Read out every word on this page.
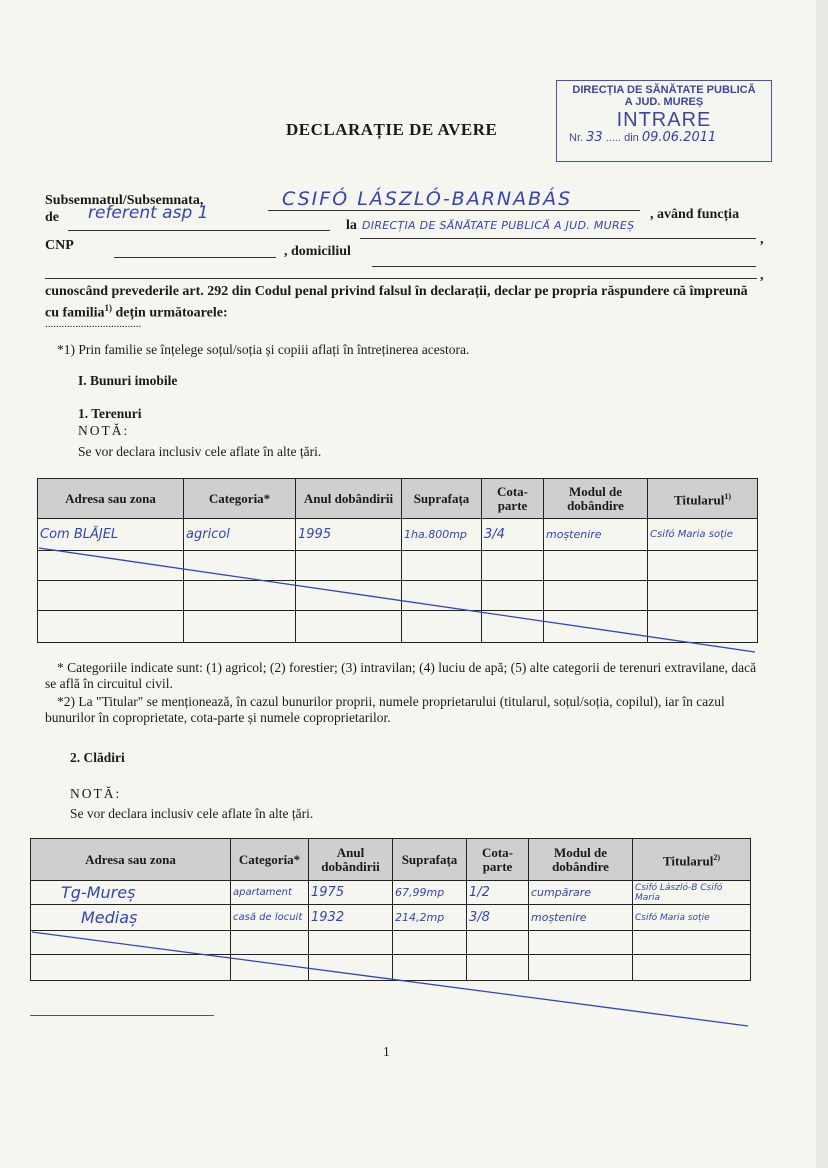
DIRECȚIA DE SĂNĂTATE PUBLICĂ
A JUD. MUREȘ
INTRARE
Nr. 33 ..... din 09.06.2011
DECLARAȚIE DE AVERE
Subsemnatul/Subsemnata,	CSIFÓ LÁSZLÓ-BARNABÁS
, având funcția
de referent asp 1
la DIRECȚIA DE SĂNĂTATE PUBLICĂ A JUD. MUREȘ
,
CNP	, domiciliul
,
cunoscând prevederile art. 292 din Codul penal privind falsul în declarații, declar pe propria răspundere că împreună cu familia$^{1)}$ dețin următoarele:
...................................
*1) Prin familie se înțelege soțul/soția și copiii aflați în întreținerea acestora.
I. Bunuri imobile
1. Terenuri
NOTĂ:
Se vor declara inclusiv cele aflate în alte țări.
Adresa sau zona	Categoria*	Anul dobândirii	Suprafața	Cota-parte	Modul de dobândire	Titularul$^{1)}$
Com BLĂJEL	agricol	1995	1ha.800mp	3/4	moștenire	Csifó Maria soție

* Categoriile indicate sunt: (1) agricol; (2) forestier; (3) intravilan; (4) luciu de apă; (5) alte categorii de terenuri extravilane, dacă se află în circuitul civil.
*2) La "Titular" se menționează, în cazul bunurilor proprii, numele proprietarului (titularul, soțul/soția, copilul), iar în cazul bunurilor în coproprietate, cota-parte și numele coproprietarilor.
2. Clădiri
NOTĂ:
Se vor declara inclusiv cele aflate în alte țări.
Adresa sau zona	Categoria*	Anul dobândirii	Suprafața	Cota-parte	Modul de dobândire	Titularul$^{2)}$
Tg-Mureș	apartament	1975	67,99mp	1/2	cumpărare	Csifó László-B Csifó Maria
Mediaș	casă de locuit	1932	214,2mp	3/8	moștenire	Csifó Maria soție

1
